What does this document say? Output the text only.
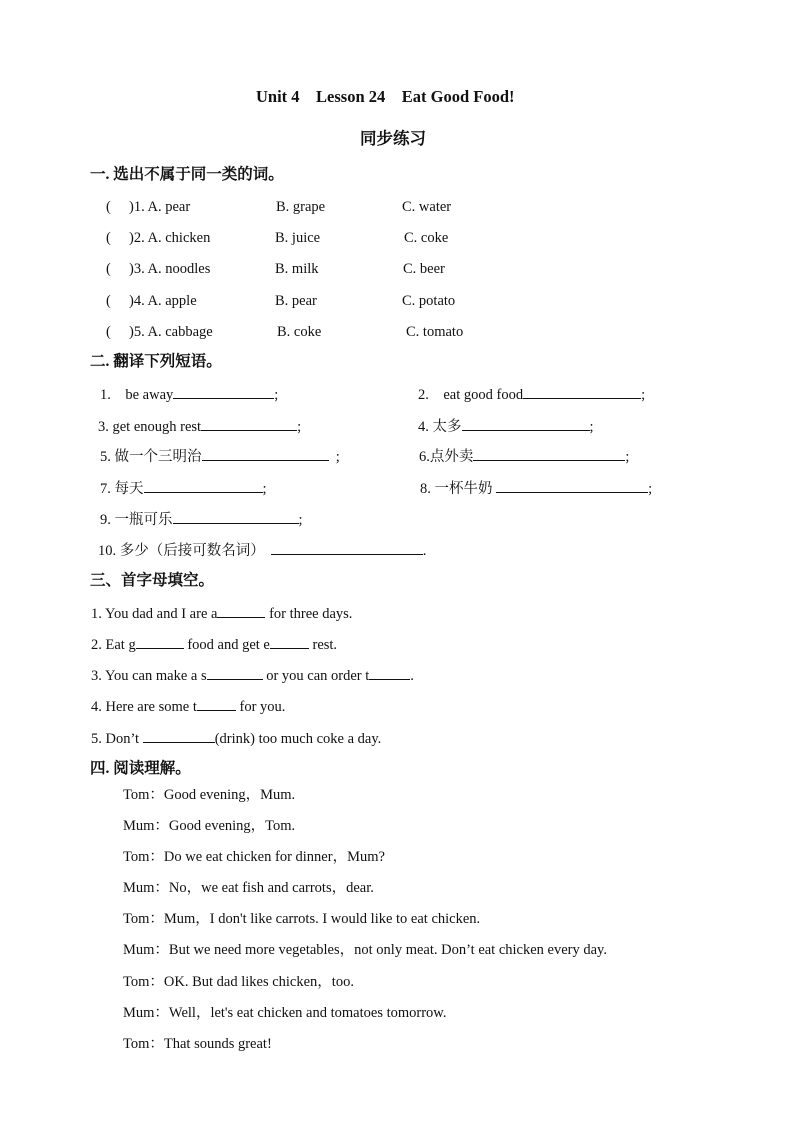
Unit 4    Lesson 24    Eat Good Food!
同步练习
一. 选出不属于同一类的词。
( )1. A. pear	B. grape	C. water
( )2. A. chicken	B. juice	C. coke
( )3. A. noodles	B. milk	C. beer
( )4. A. apple	B. pear	C. potato
( )5. A. cabbage	B. coke	C. tomato
二. 翻译下列短语。
1.    be away	;	2.    eat good food	;
3. get enough rest	;	4. 太多	;
5. 做一个三明治	;	6.点外卖	;
7. 每天	;	8. 一杯牛奶	;
9. 一瓶可乐	;
10. 多少（后接可数名词）	.
三、首字母填空。
1. You dad and I are a	for three days.
2. Eat g	food and get e	rest.
3. You can make a s	or you can order t	.
4. Here are some t	for you.
5. Don’t	(drink) too much coke a day.
四. 阅读理解。
Tom：Good evening，Mum.
Mum：Good evening，Tom.
Tom：Do we eat chicken for dinner，Mum?
Mum：No，we eat fish and carrots，dear.
Tom：Mum，I don't like carrots. I would like to eat chicken.
Mum：But we need more vegetables，not only meat. Don’t eat chicken every day.
Tom：OK. But dad likes chicken，too.
Mum：Well，let's eat chicken and tomatoes tomorrow.
Tom：That sounds great!
